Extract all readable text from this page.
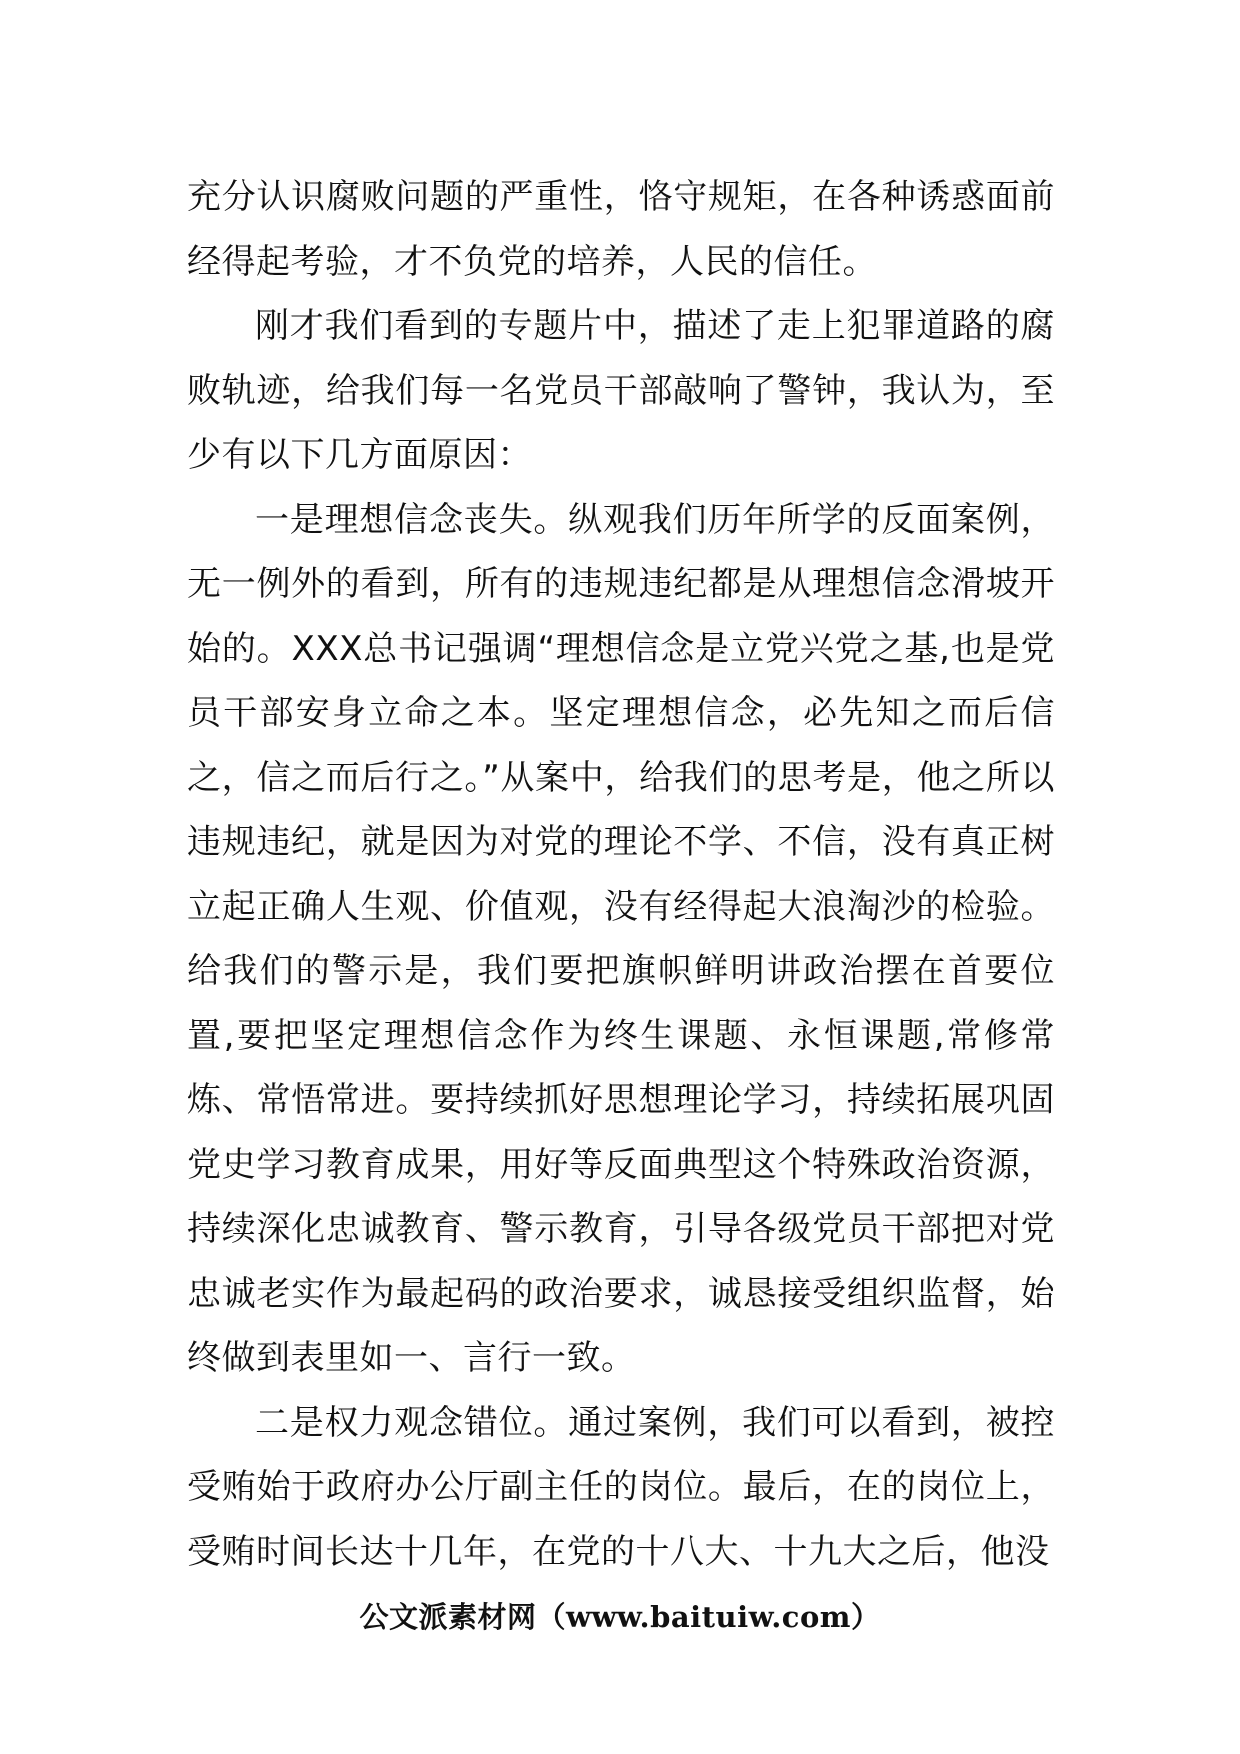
充分认识腐败问题的严重性，恪守规矩，在各种诱惑面前经得起考验，才不负党的培养，人民的信任。

刚才我们看到的专题片中，描述了走上犯罪道路的腐败轨迹，给我们每一名党员干部敲响了警钟，我认为，至少有以下几方面原因：

一是理想信念丧失。纵观我们历年所学的反面案例，无一例外的看到，所有的违规违纪都是从理想信念滑坡开始的。XXX总书记强调“理想信念是立党兴党之基,也是党员干部安身立命之本。坚定理想信念，必先知之而后信之，信之而后行之。”从案中，给我们的思考是，他之所以违规违纪，就是因为对党的理论不学、不信，没有真正树立起正确人生观、价值观，没有经得起大浪淘沙的检验。给我们的警示是，我们要把旗帜鲜明讲政治摆在首要位置,要把坚定理想信念作为终生课题、永恒课题,常修常炼、常悟常进。要持续抓好思想理论学习，持续拓展巩固党史学习教育成果，用好等反面典型这个特殊政治资源，持续深化忠诚教育、警示教育，引导各级党员干部把对党忠诚老实作为最起码的政治要求，诚恳接受组织监督，始终做到表里如一、言行一致。

二是权力观念错位。通过案例，我们可以看到，被控受贿始于政府办公厅副主任的岗位。最后，在的岗位上，受贿时间长达十几年，在党的十八大、十九大之后，他没

公文派素材网（www.baituiw.com）
